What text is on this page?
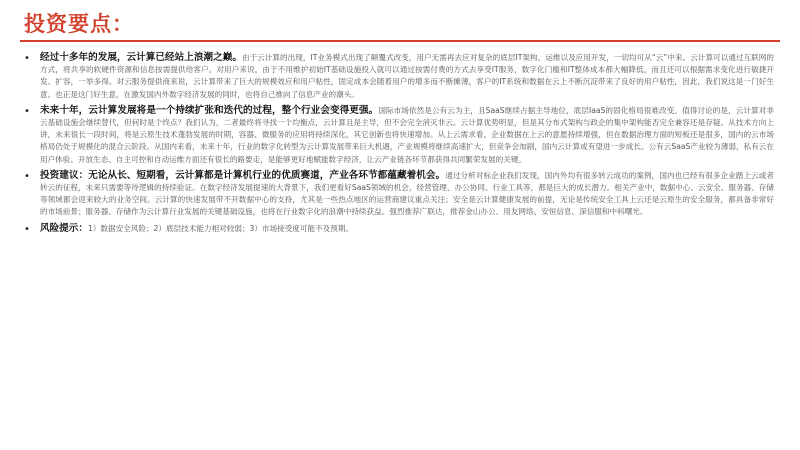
投资要点：
• 经过十多年的发展，云计算已经站上浪潮之巅。由于云计算的出现，IT业务模式出现了颠覆式改变，用户无需再去应对复杂的底层IT架构、运维以及应用开发，一切均可从“云”中来。云计算可以通过互联网的方式，将共享的软硬件资源和信息按需提供给客户。对用户来说，由于不用维护初始IT基础设施投入就可以通过按需付费的方式去享受IT服务，数字化门槛和IT整体成本都大幅降低，而且还可以根据需求变化进行敏捷开发、扩容，一举多得。对云服务提供商来说，云计算带来了巨大的规模效应和用户粘性，固定成本会随着用户的增多而不断摊薄，客户的IT系统和数据在云上不断沉淀带来了良好的用户粘性，因此，我们说这是一门好生意。也正是这门好生意，在激发国内外数字经济发展的同时，也将自己推向了信息产业的潮头。
• 未来十年，云计算发展将是一个持续扩张和迭代的过程，整个行业会变得更强。国际市场依然是公有云为主，且SaaS继续占据主导地位，底层IaaS的固化格局很难改变。值得讨论的是，云计算对非云基础设施会继续替代，但何时是个终点？我们认为，二者最终将寻找一个均衡点，云计算且是主导，但不会完全消灭非云。云计算优势明显，但是其分布式架构与政企的集中架构能否完全兼容还是存疑。从技术方向上讲，未来很长一段时间，将是云原生技术蓬勃发展的时期，容器、微服务的应用将持续深化，其它创新也将快速增加。从上云需求看，企业数据在上云的意愿持续增强，但在数据治理方面的短板还是很多，国内的云市场格局仍处于规模化的混合云阶段。从国内来看，未来十年，行业的数字化转型为云计算发展带来巨大机遇，产业规模将继续高速扩大，但竞争会加剧，国内云计算或有望进一步成长。公有云SaaS产业较为薄弱，私有云在用户体验、开放生态、自主可控和自动运维方面还有很长的路要走，是能够更好地赋能数字经济，让云产业链各环节都获得共同繁荣发展的关键。
• 投资建议：无论从长、短期看，云计算都是计算机行业的优质赛道，产业各环节都蕴藏着机会。通过分析对标企业我们发现，国内外均有很多转云成功的案例，国内也已经有很多企业踏上云或者转云的征程，未来只需要等待逻辑的持续验证。在数字经济发展提速的大背景下，我们更看好SaaS领域的机会，经营管理、办公协同、行业工具等，都是巨大的成长潜力。相关产业中，数据中心、云安全、服务器、存储等领域都会迎来较大的业务空间。云计算的快速发展带不开数据中心的支持，尤其是一些热点地区的运营商建议重点关注；安全是云计算健康发展的前提，无论是传统安全工具上云还是云原生的安全服务，都具备非常好的市场前景；服务器、存储作为云计算行业发展的关键基础设施，也将在行业数字化的浪潮中持续获益。强烈推荐广联达，推荐金山办公、用友网络、安恒信息、深信服和中科曙光。
• 风险提示：1）数据安全风险；2）底层技术能力相对较弱；3）市场接受度可能不及预期。
